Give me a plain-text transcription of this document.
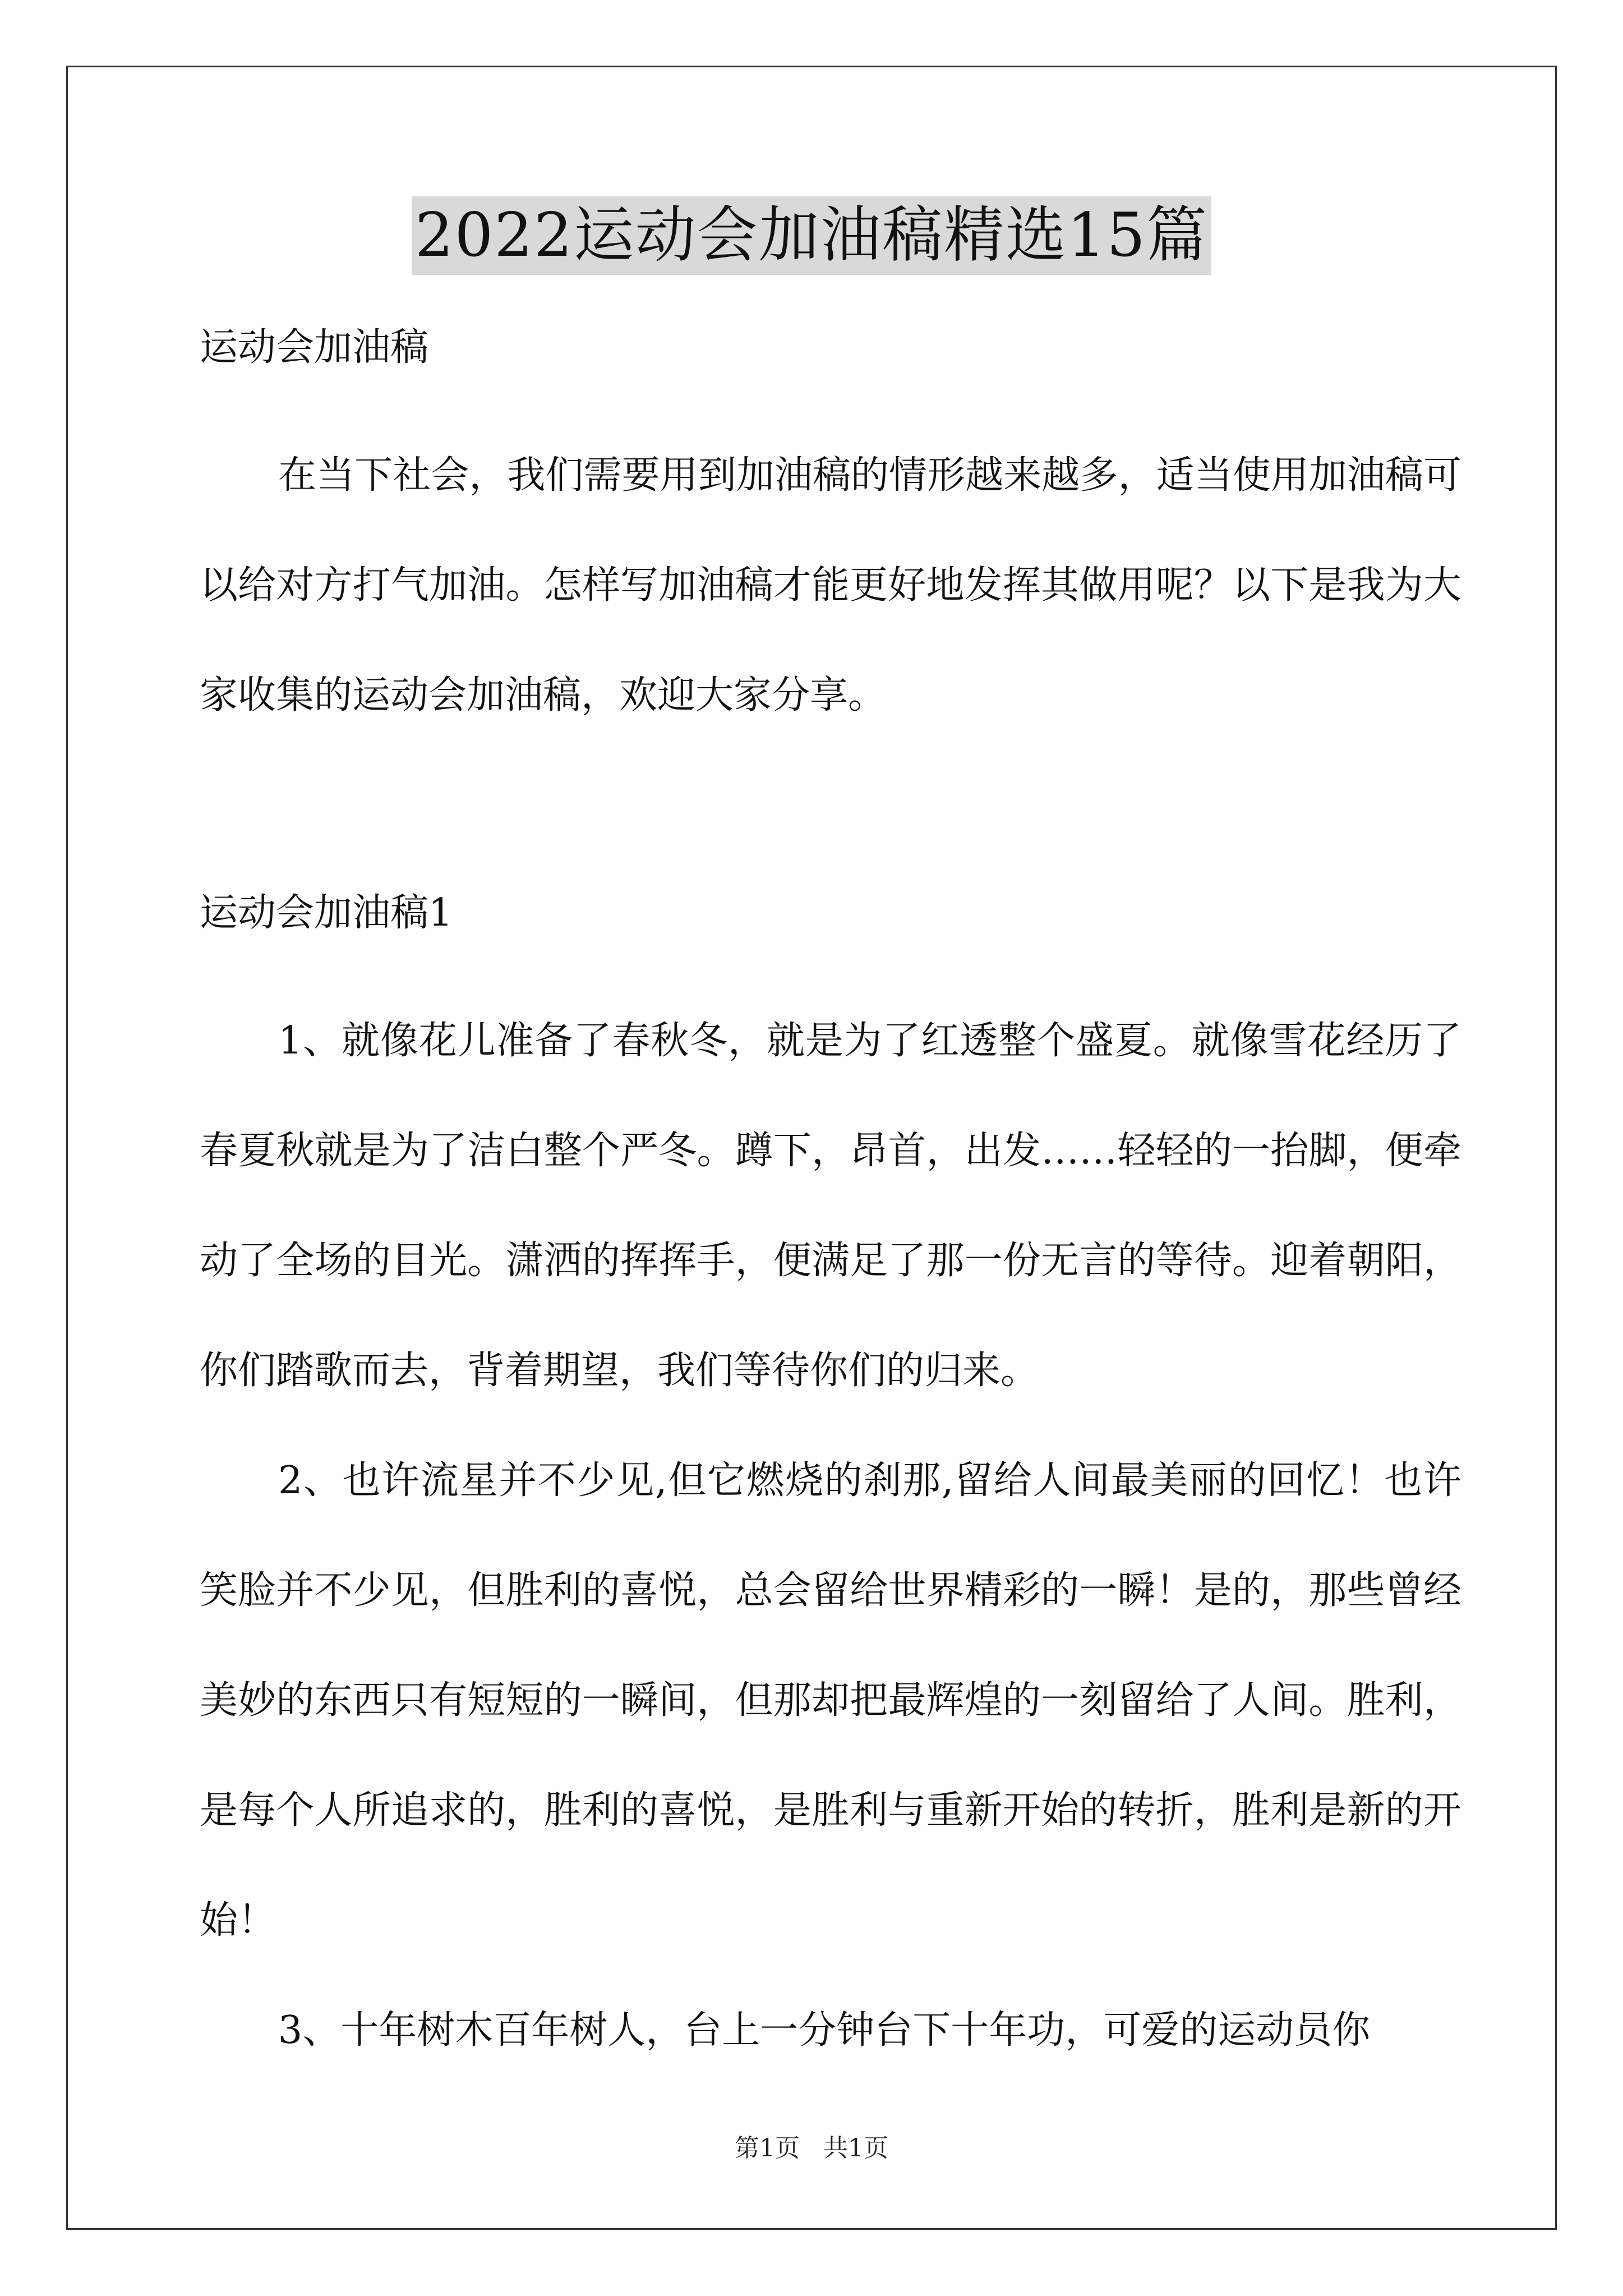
2022运动会加油稿精选15篇

运动会加油稿

在当下社会，我们需要用到加油稿的情形越来越多，适当使用加油稿可以给对方打气加油。怎样写加油稿才能更好地发挥其做用呢？以下是我为大家收集的运动会加油稿，欢迎大家分享。

运动会加油稿1

1、就像花儿准备了春秋冬，就是为了红透整个盛夏。就像雪花经历了春夏秋就是为了洁白整个严冬。蹲下，昂首，出发……轻轻的一抬脚，便牵动了全场的目光。潇洒的挥挥手，便满足了那一份无言的等待。迎着朝阳，你们踏歌而去，背着期望，我们等待你们的归来。

2、也许流星并不少见,但它燃烧的刹那,留给人间最美丽的回忆！也许笑脸并不少见，但胜利的喜悦，总会留给世界精彩的一瞬！是的，那些曾经美妙的东西只有短短的一瞬间，但那却把最辉煌的一刻留给了人间。胜利，是每个人所追求的，胜利的喜悦，是胜利与重新开始的转折，胜利是新的开始！

3、十年树木百年树人，台上一分钟台下十年功，可爱的运动员你

第1页   共1页
